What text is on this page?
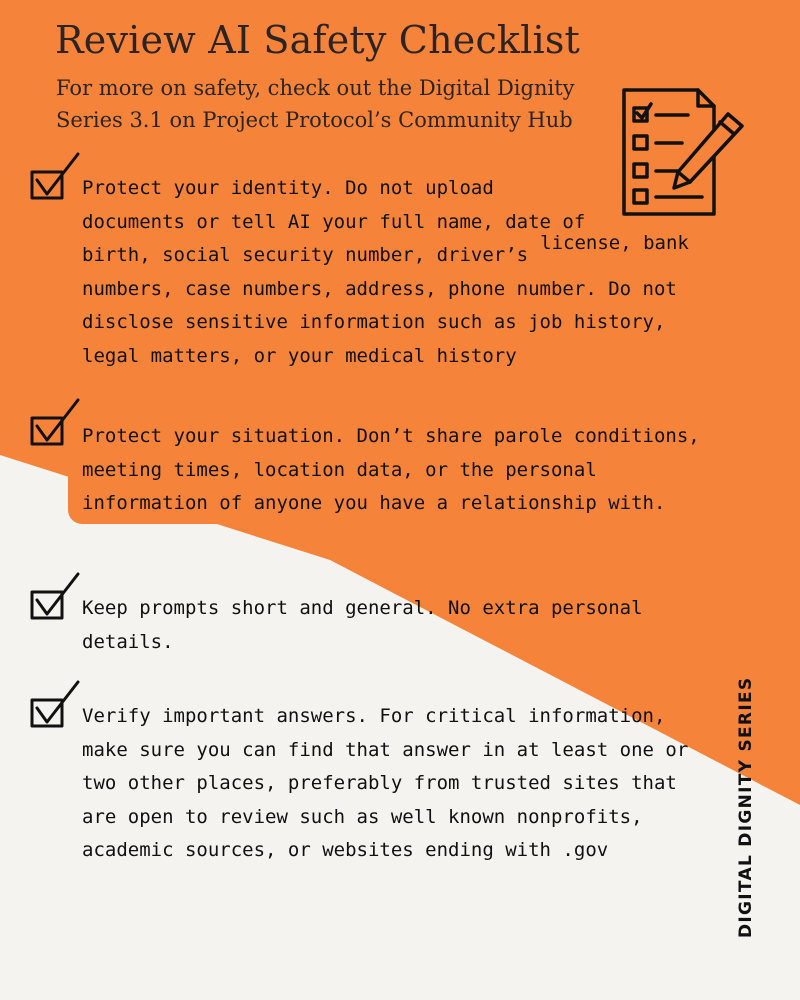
Review AI Safety Checklist
For more on safety, check out the Digital Dignity
Series 3.1 on Project Protocol’s Community Hub
Protect your identity. Do not upload
documents or tell AI your full name, date of
birth, social security number, driver’slicense, bank
numbers, case numbers, address, phone number. Do not
disclose sensitive information such as job history,
legal matters, or your medical history
Protect your situation. Don’t share parole conditions,
meeting times, location data, or the personal
information of anyone you have a relationship with.
Keep prompts short and general. No extra personal
details.
Verify important answers. For critical information,
make sure you can find that answer in at least one or
two other places, preferably from trusted sites that
are open to review such as well known nonprofits,
academic sources, or websites ending with .gov	DIGITAL DIGNITY SERIES
